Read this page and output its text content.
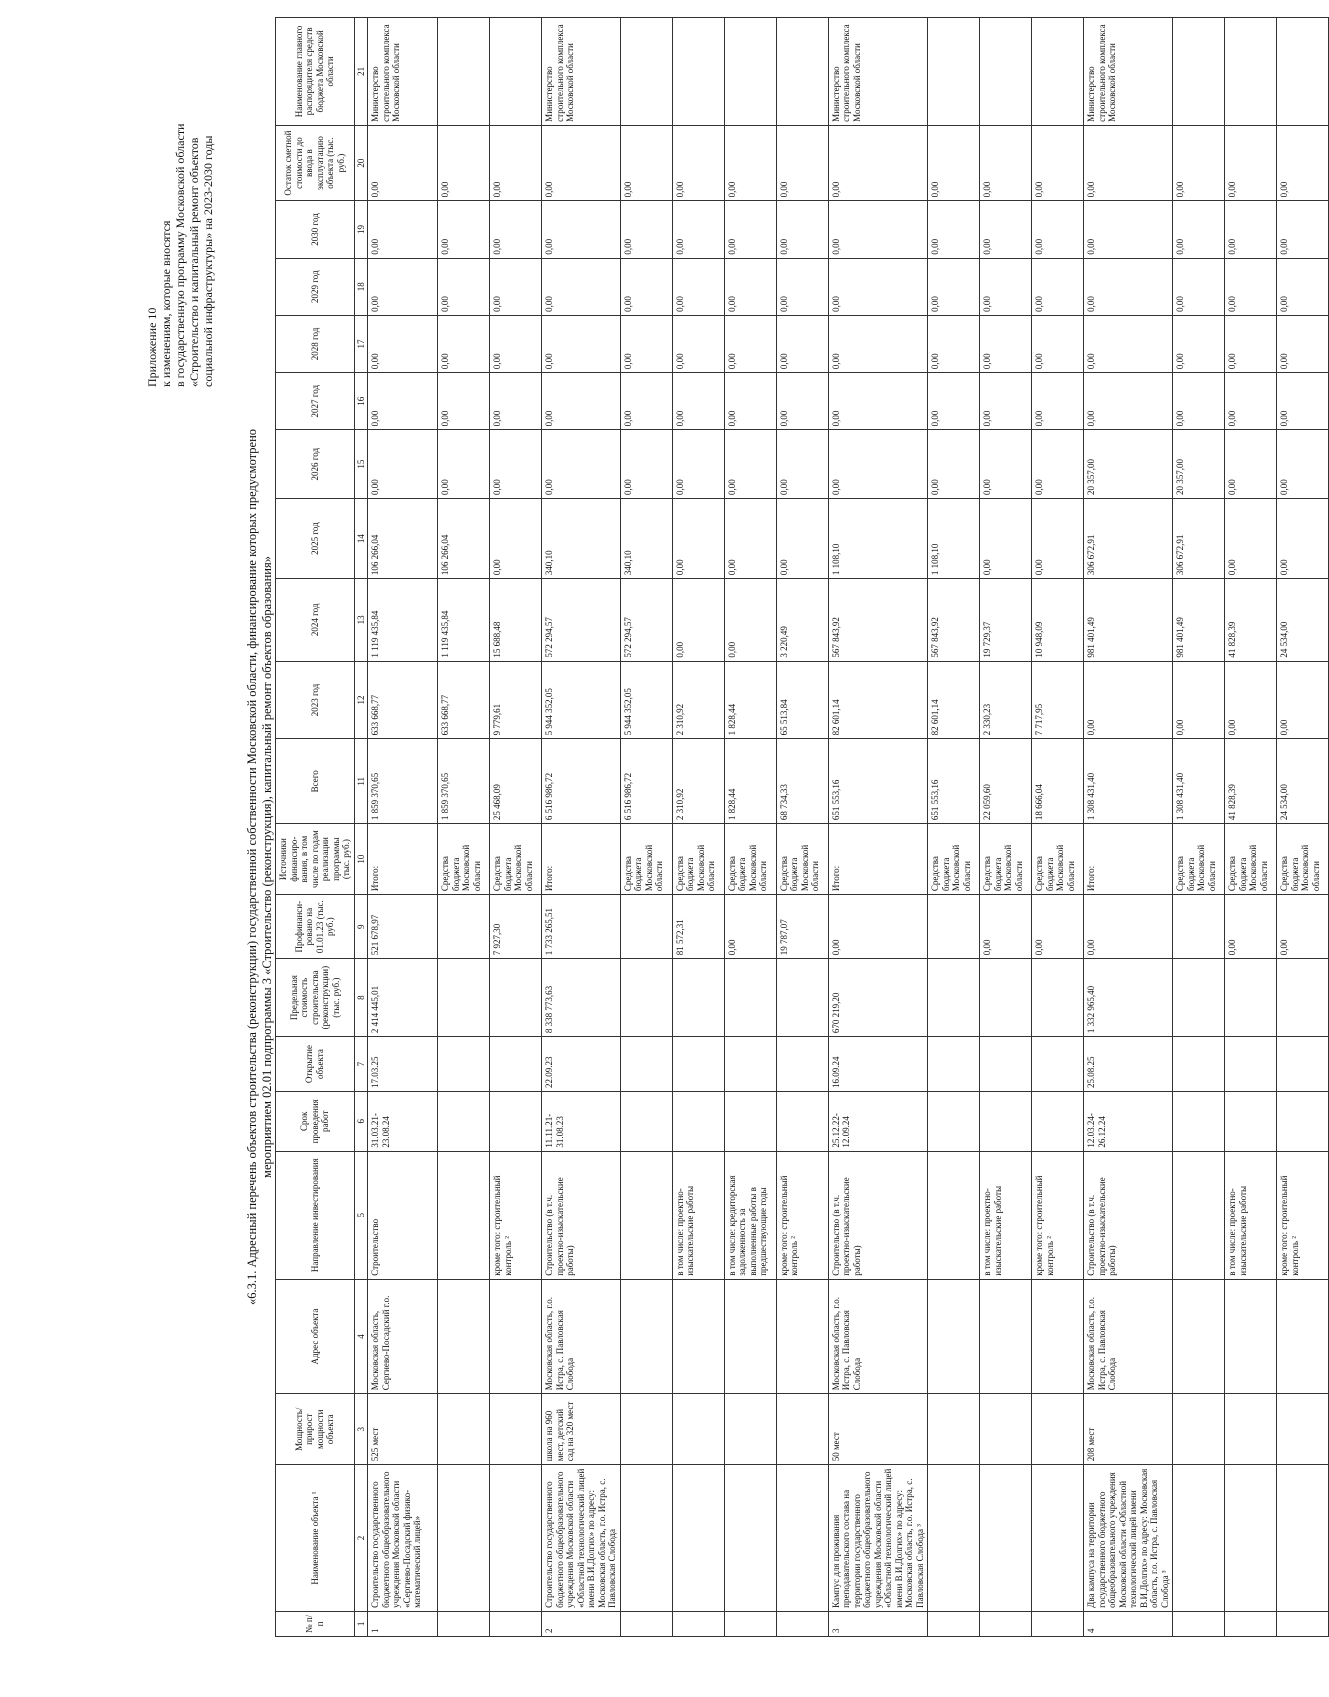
Приложение 10 к изменениям, которые вносятся в государственную программу Московской области «Строительство и капитальный ремонт объектов социальной инфраструктуры» на 2023-2030 годы
«6.3.1. Адресный перечень объектов строительства (реконструкции) государственной собственности Московской области, финансирование которых предусмотрено мероприятием 02.01 подпрограммы 3 «Строительство (реконструкция), капитальный ремонт объектов образования»
№ п/п	Наименование объекта ¹	Мощность/ прирост мощности объекта	Адрес объекта	Направление инвестирования	Срок проведения работ	Открытие объекта	Предельная стоимость строительства (реконструкции) (тыс. руб.)	Профинанси-ровано на 01.01.23 (тыс. руб.)	Источники финансиро-вания, в том числе по годам реализации программы (тыс. руб.)	Всего	2023 год	2024 год	2025 год	2026 год	2027 год	2028 год	2029 год	2030 год	Остаток сметной стоимости до ввода в эксплуатацию объекта (тыс. руб.)	Наименование главного распорядителя средств бюджета Московской области
1	2	3	4	5	6	7	8	9	10	11	12	13	14	15	16	17	18	19	20	21
1	Строительство государственного бюджетного общеобразовательного учреждения Московской области «Сергиево-Посадский физико-математический лицей»	525 мест	Московская область, Сергиево-Посадский г.о.	Строительство	31.03.21-23.08.24	17.03.25	2 414 445,01	521 678,97	Итого:	1 859 370,65	633 668,77	1 119 435,84	106 266,04	0,00	0,00	0,00	0,00	0,00	0,00	Министерство строительного комплекса Московской области
									Средства бюджета Московской области	1 859 370,65	633 668,77	1 119 435,84	106 266,04	0,00	0,00	0,00	0,00	0,00	0,00	
				кроме того: строительный контроль ²				7 927,30	Средства бюджета Московской области	25 468,09	9 779,61	15 688,48	0,00	0,00	0,00	0,00	0,00	0,00	0,00	
2	Строительство государственного бюджетного общеобразовательного учреждения Московской области «Областной технологический лицей имени В.И.Долгих» по адресу: Московская область, г.о. Истра, с. Павловская Слобода	школа на 960 мест, детский сад на 320 мест	Московская область, г.о. Истра, с. Павловская Слобода	Строительство (в т.ч. проектно-изыскательские работы)	11.11.21-31.08.23	22.09.23	8 338 773,63	1 733 265,51	Итого:	6 516 986,72	5 944 352,05	572 294,57	340,10	0,00	0,00	0,00	0,00	0,00	0,00	Министерство строительного комплекса Московской области
									Средства бюджета Московской области	6 516 986,72	5 944 352,05	572 294,57	340,10	0,00	0,00	0,00	0,00	0,00	0,00	
				в том числе: проектно-изыскательские работы				81 572,31	Средства бюджета Московской области	2 310,92	2 310,92	0,00	0,00	0,00	0,00	0,00	0,00	0,00	0,00	
				в том числе: кредиторская задолженность за выполненные работы в предшествующие годы				0,00	Средства бюджета Московской области	1 828,44	1 828,44	0,00	0,00	0,00	0,00	0,00	0,00	0,00	0,00	
				кроме того: строительный контроль ²				19 787,07	Средства бюджета Московской области	68 734,33	65 513,84	3 220,49	0,00	0,00	0,00	0,00	0,00	0,00	0,00	
3	Кампус для проживания преподавательского состава на территории государственного бюджетного общеобразовательного учреждения Московской области «Областной технологический лицей имени В.И.Долгих» по адресу: Московская область, г.о. Истра, с. Павловская Слобода ³	50 мест	Московская область, г.о. Истра, с. Павловская Слобода	Строительство (в т.ч. проектно-изыскательские работы)	25.12.22-12.09.24	16.09.24	670 219,20	0,00	Итого:	651 553,16	82 601,14	567 843,92	1 108,10	0,00	0,00	0,00	0,00	0,00	0,00	Министерство строительного комплекса Московской области
									Средства бюджета Московской области	651 553,16	82 601,14	567 843,92	1 108,10	0,00	0,00	0,00	0,00	0,00	0,00	
				в том числе: проектно-изыскательские работы				0,00	Средства бюджета Московской области	22 059,60	2 330,23	19 729,37	0,00	0,00	0,00	0,00	0,00	0,00	0,00	
				кроме того: строительный контроль ²				0,00	Средства бюджета Московской области	18 666,04	7 717,95	10 948,09	0,00	0,00	0,00	0,00	0,00	0,00	0,00	
4	Два кампуса на территории государственного бюджетного общеобразовательного учреждения Московской области «Областной технологический лицей имени В.И.Долгих» по адресу: Московская область, г.о. Истра, с. Павловская Слобода ³	208 мест	Московская область, г.о. Истра, с. Павловская Слобода	Строительство (в т.ч. проектно-изыскательские работы)	12.03.24-26.12.24	25.08.25	1 332 965,40	0,00	Итого:	1 308 431,40	0,00	981 401,49	306 672,91	20 357,00	0,00	0,00	0,00	0,00	0,00	Министерство строительного комплекса Московской области
									Средства бюджета Московской области	1 308 431,40	0,00	981 401,49	306 672,91	20 357,00	0,00	0,00	0,00	0,00	0,00	
				в том числе: проектно-изыскательские работы				0,00	Средства бюджета Московской области	41 828,39	0,00	41 828,39	0,00	0,00	0,00	0,00	0,00	0,00	0,00	
				кроме того: строительный контроль ²				0,00	Средства бюджета Московской области	24 534,00	0,00	24 534,00	0,00	0,00	0,00	0,00	0,00	0,00	0,00	
